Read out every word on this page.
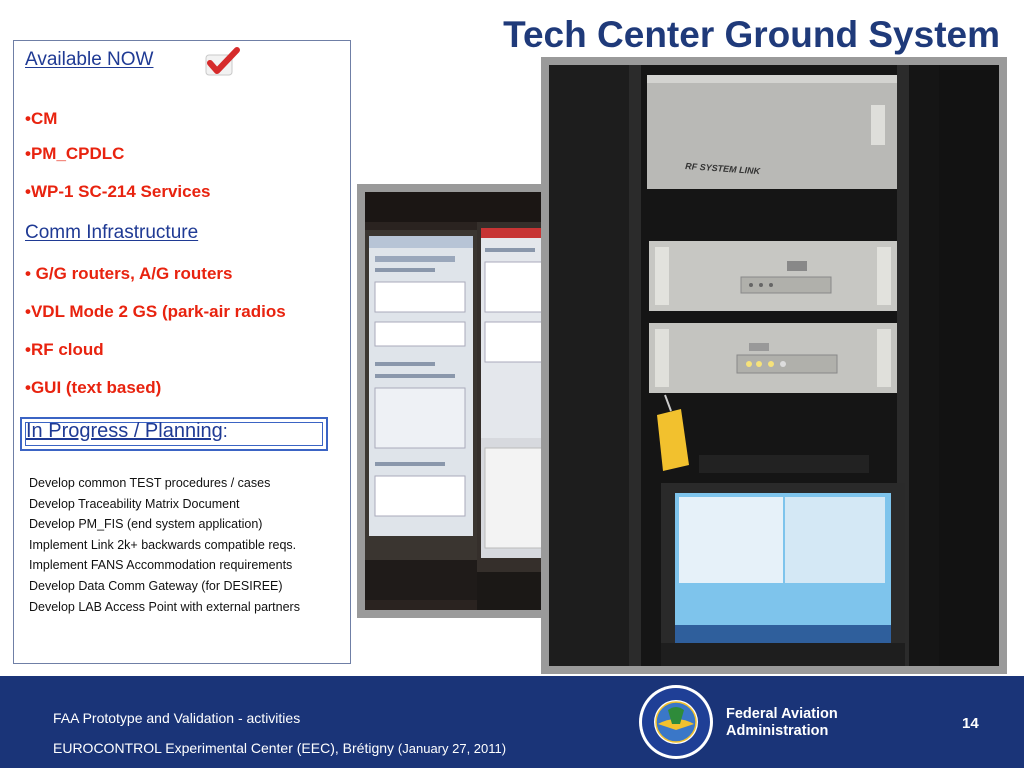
Tech Center Ground System
Available NOW
•CM
•PM_CPDLC
•WP-1 SC-214 Services
Comm Infrastructure
• G/G routers, A/G routers
•VDL Mode 2 GS (park-air radios
•RF cloud
•GUI (text based)
In Progress / Planning:
Develop common TEST procedures / cases
Develop Traceability Matrix Document
Develop PM_FIS (end system application)
Implement Link 2k+ backwards compatible reqs.
Implement FANS Accommodation requirements
Develop Data Comm Gateway (for DESIREE)
Develop LAB Access Point with external partners
RF SYSTEM LINK
FAA Prototype and Validation - activities
EUROCONTROL Experimental Center (EEC), Brétigny (January 27, 2011)
Federal Aviation
Administration	14
